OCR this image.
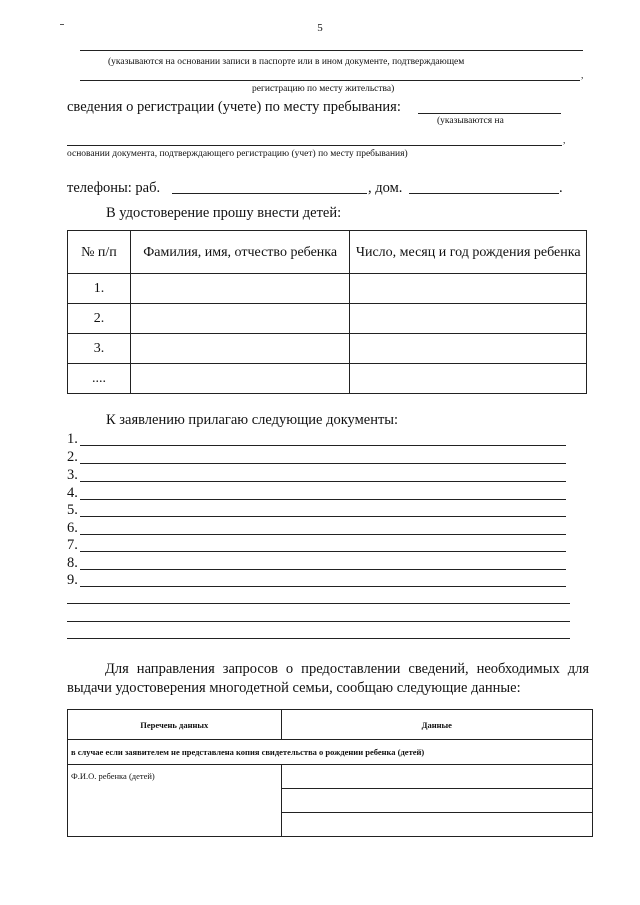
5
(указываются на основании записи в паспорте или в ином документе, подтверждающем
,
регистрацию по месту жительства)
сведения о регистрации (учете) по месту пребывания:
(указываются на
,
основании документа, подтверждающего регистрацию (учет) по месту пребывания)
телефоны: раб.	, дом.	.
В удостоверение прошу внести детей:
№ п/п	Фамилия, имя, отчество ребенка	Число, месяц и год рождения ребенка
1.		
2.		
3.		
....		
К заявлению прилагаю следующие документы:
1.
2.
3.
4.
5.
6.
7.
8.
9.
Для направления запросов о предоставлении сведений, необходимых для выдачи удостоверения многодетной семьи, сообщаю следующие данные:
Перечень данных	Данные
в случае если заявителем не представлена копия свидетельства о рождении ребенка (детей)	
Ф.И.О. ребенка (детей)	
